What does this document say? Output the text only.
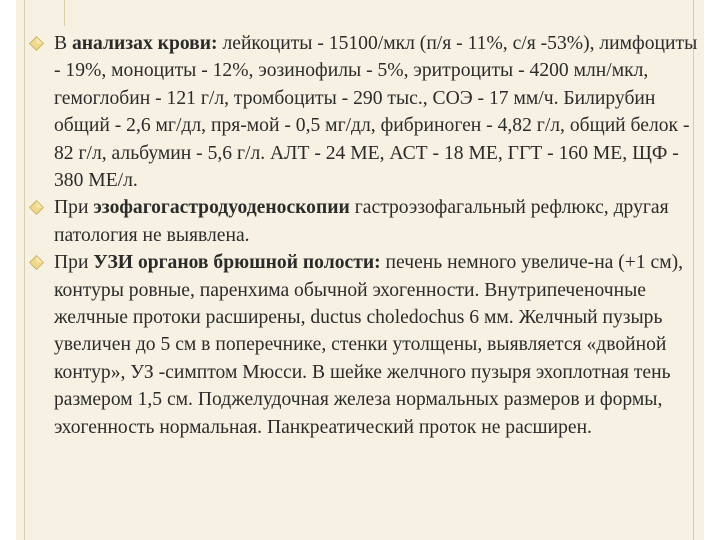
В анализах крови: лейкоциты - 15100/мкл (п/я - 11%, с/я -53%), лимфоциты - 19%, моноциты - 12%, эозинофилы - 5%, эритроциты - 4200 млн/мкл, гемоглобин - 121 г/л, тромбоциты - 290 тыс., СОЭ - 17 мм/ч. Билирубин общий - 2,6 мг/дл, пря-мой - 0,5 мг/дл, фибриноген - 4,82 г/л, общий белок - 82 г/л, альбумин - 5,6 г/л. АЛТ - 24 МЕ, АСТ - 18 МЕ, ГГТ - 160 МЕ, ЩФ - 380 МЕ/л.

При эзофагогастродуоденоскопии гастроэзофагальный рефлюкс, другая патология не выявлена.

При УЗИ органов брюшной полости: печень немного увеличе-на (+1 см), контуры ровные, паренхима обычной эхогенности. Внутрипеченочные желчные протоки расширены, ductus choledochus 6 мм. Желчный пузырь увеличен до 5 см в поперечнике, стенки утолщены, выявляется «двойной контур», УЗ -симптом Мюсси. В шейке желчного пузыря эхоплотная тень размером 1,5 см. Поджелудочная железа нормальных размеров и формы, эхогенность нормальная. Панкреатический проток не расширен.
